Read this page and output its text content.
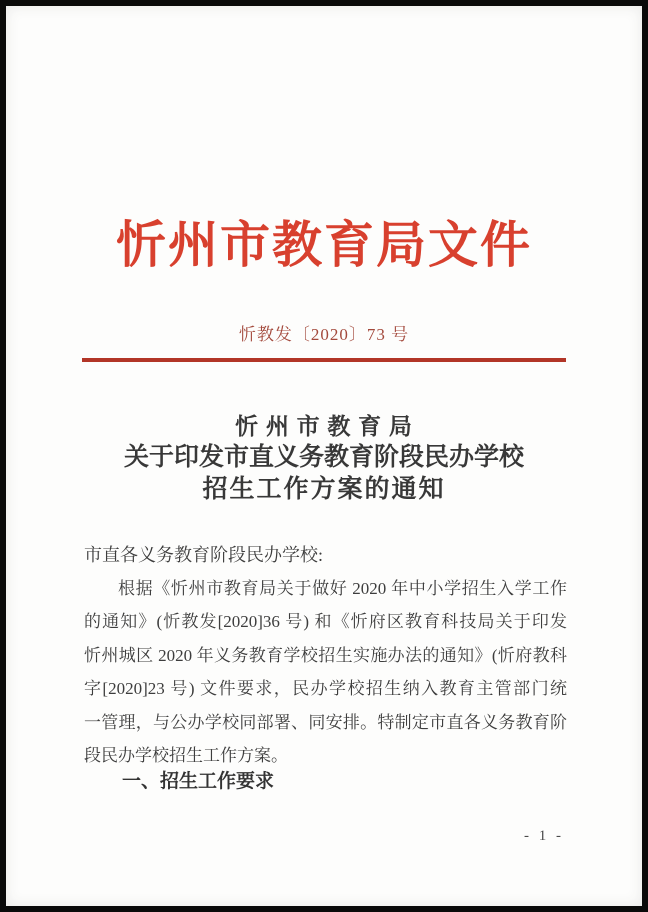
忻州市教育局文件
忻教发〔2020〕73 号
忻 州 市 教 育 局
关于印发市直义务教育阶段民办学校
招生工作方案的通知
市直各义务教育阶段民办学校:
根据《忻州市教育局关于做好 2020 年中小学招生入学工作
的通知》(忻教发[2020]36 号) 和《忻府区教育科技局关于印发
忻州城区 2020 年义务教育学校招生实施办法的通知》(忻府教科
字[2020]23 号) 文件要求，民办学校招生纳入教育主管部门统
一管理，与公办学校同部署、同安排。特制定市直各义务教育阶
段民办学校招生工作方案。
一、招生工作要求
- 1 -
